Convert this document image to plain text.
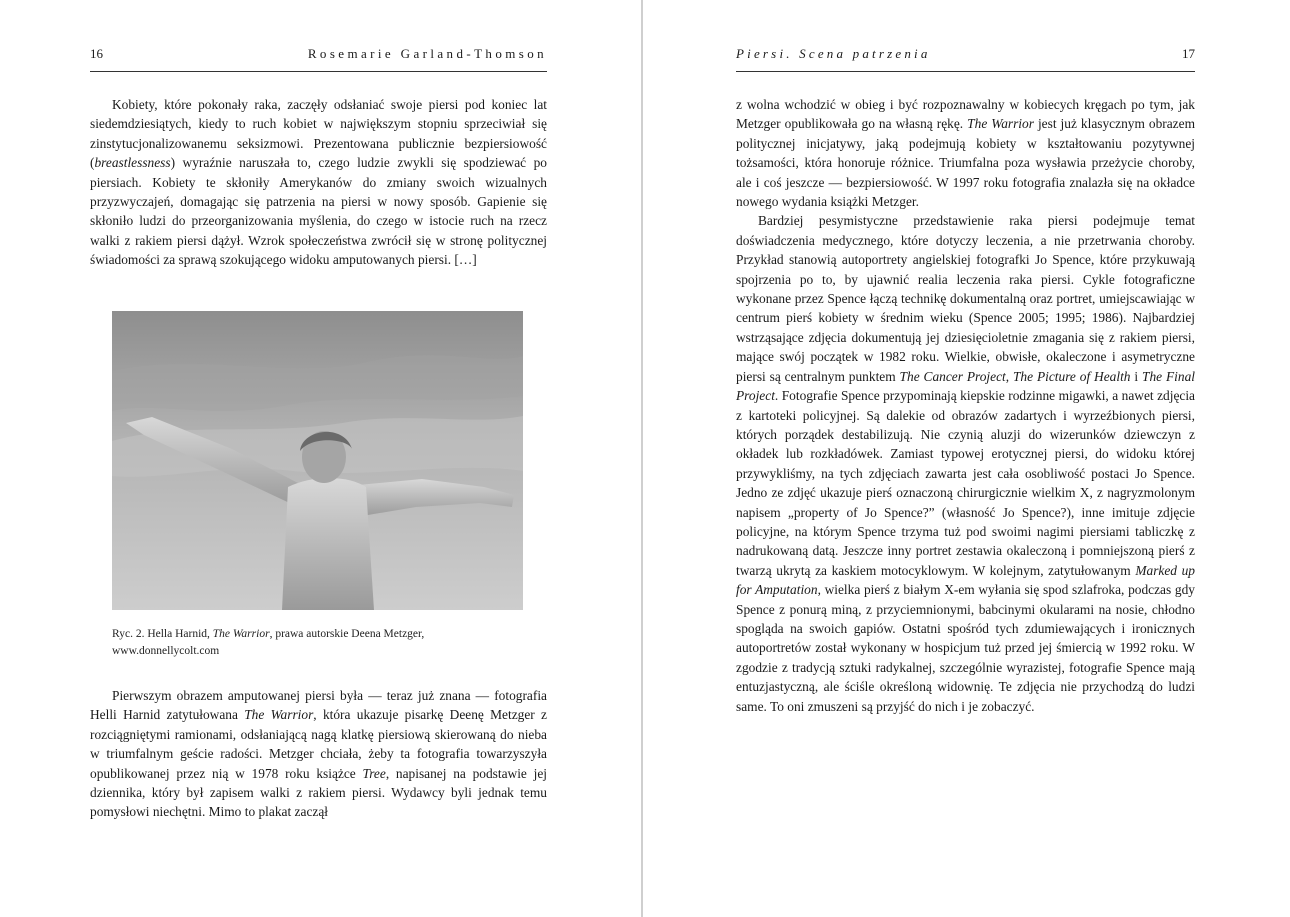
16	Rosemarie Garland-Thomson

Kobiety, które pokonały raka, zaczęły odsłaniać swoje piersi pod koniec lat siedemdziesiątych, kiedy to ruch kobiet w największym stopniu sprzeciwiał się zinstytucjonalizowanemu seksizmowi. Prezentowana publicznie bezpiersiowość (breastlessness) wyraźnie naruszała to, czego ludzie zwykli się spodziewać po piersiach. Kobiety te skłoniły Amerykanów do zmiany swoich wizualnych przyzwyczajeń, domagając się patrzenia na piersi w nowy sposób. Gapienie się skłoniło ludzi do przeorganizowania myślenia, do czego w istocie ruch na rzecz walki z rakiem piersi dążył. Wzrok społeczeństwa zwrócił się w stronę politycznej świadomości za sprawą szokującego widoku amputowanych piersi. […]

Ryc. 2. Hella Harnid, The Warrior, prawa autorskie Deena Metzger,
www.donnellycolt.com

Pierwszym obrazem amputowanej piersi była — teraz już znana — fotografia Helli Harnid zatytułowana The Warrior, która ukazuje pisarkę Deenę Metzger z rozciągniętymi ramionami, odsłaniającą nagą klatkę piersiową skierowaną do nieba w triumfalnym geście radości. Metzger chciała, żeby ta fotografia towarzyszyła opublikowanej przez nią w 1978 roku książce Tree, napisanej na podstawie jej dziennika, który był zapisem walki z rakiem piersi. Wydawcy byli jednak temu pomysłowi niechętni. Mimo to plakat zaczął

Piersi. Scena patrzenia	17

z wolna wchodzić w obieg i być rozpoznawalny w kobiecych kręgach po tym, jak Metzger opublikowała go na własną rękę. The Warrior jest już klasycznym obrazem politycznej inicjatywy, jaką podejmują kobiety w kształtowaniu pozytywnej tożsamości, która honoruje różnice. Triumfalna poza wysławia przeżycie choroby, ale i coś jeszcze — bezpiersiowość. W 1997 roku fotografia znalazła się na okładce nowego wydania książki Metzger.

Bardziej pesymistyczne przedstawienie raka piersi podejmuje temat doświadczenia medycznego, które dotyczy leczenia, a nie przetrwania choroby. Przykład stanowią autoportrety angielskiej fotografki Jo Spence, które przykuwają spojrzenia po to, by ujawnić realia leczenia raka piersi. Cykle fotograficzne wykonane przez Spence łączą technikę dokumentalną oraz portret, umiejscawiając w centrum pierś kobiety w średnim wieku (Spence 2005; 1995; 1986). Najbardziej wstrząsające zdjęcia dokumentują jej dziesięcioletnie zmagania się z rakiem piersi, mające swój początek w 1982 roku. Wielkie, obwisłe, okaleczone i asymetryczne piersi są centralnym punktem The Cancer Project, The Picture of Health i The Final Project. Fotografie Spence przypominają kiepskie rodzinne migawki, a nawet zdjęcia z kartoteki policyjnej. Są dalekie od obrazów zadartych i wyrzeźbionych piersi, których porządek destabilizują. Nie czynią aluzji do wizerunków dziewczyn z okładek lub rozkładówek. Zamiast typowej erotycznej piersi, do widoku której przywykliśmy, na tych zdjęciach zawarta jest cała osobliwość postaci Jo Spence. Jedno ze zdjęć ukazuje pierś oznaczoną chirurgicznie wielkim X, z nagryzmolonym napisem „property of Jo Spence?” (własność Jo Spence?), inne imituje zdjęcie policyjne, na którym Spence trzyma tuż pod swoimi nagimi piersiami tabliczkę z nadrukowaną datą. Jeszcze inny portret zestawia okaleczoną i pomniejszoną pierś z twarzą ukrytą za kaskiem motocyklowym. W kolejnym, zatytułowanym Marked up for Amputation, wielka pierś z białym X-em wyłania się spod szlafroka, podczas gdy Spence z ponurą miną, z przyciemnionymi, babcinymi okularami na nosie, chłodno spogląda na swoich gapiów. Ostatni spośród tych zdumiewających i ironicznych autoportretów został wykonany w hospicjum tuż przed jej śmiercią w 1992 roku. W zgodzie z tradycją sztuki radykalnej, szczególnie wyrazistej, fotografie Spence mają entuzjastyczną, ale ściśle określoną widownię. Te zdjęcia nie przychodzą do ludzi same. To oni zmuszeni są przyjść do nich i je zobaczyć.
